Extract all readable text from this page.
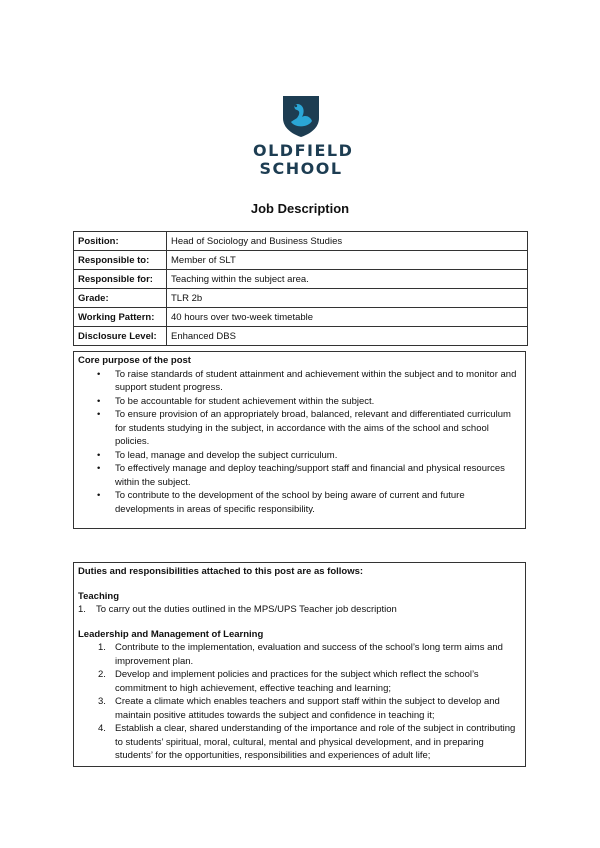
OLDFIELD
SCHOOL
Job Description
Position:	Head of Sociology and Business Studies
Responsible to:	Member of SLT
Responsible for:	Teaching within the subject area.
Grade:	TLR 2b
Working Pattern:	40 hours over two-week timetable
Disclosure Level:	Enhanced DBS
Core purpose of the post
• To raise standards of student attainment and achievement within the subject and to monitor and support student progress.
• To be accountable for student achievement within the subject.
• To ensure provision of an appropriately broad, balanced, relevant and differentiated curriculum for students studying in the subject, in accordance with the aims of the school and school policies.
• To lead, manage and develop the subject curriculum.
• To effectively manage and deploy teaching/support staff and financial and physical resources within the subject.
• To contribute to the development of the school by being aware of current and future developments in areas of specific responsibility.
Duties and responsibilities attached to this post are as follows:
Teaching
1. To carry out the duties outlined in the MPS/UPS Teacher job description
Leadership and Management of Learning
1. Contribute to the implementation, evaluation and success of the school’s long term aims and improvement plan.
2. Develop and implement policies and practices for the subject which reflect the school’s commitment to high achievement, effective teaching and learning;
3. Create a climate which enables teachers and support staff within the subject to develop and maintain positive attitudes towards the subject and confidence in teaching it;
4. Establish a clear, shared understanding of the importance and role of the subject in contributing to students’ spiritual, moral, cultural, mental and physical development, and in preparing students’ for the opportunities, responsibilities and experiences of adult life;
